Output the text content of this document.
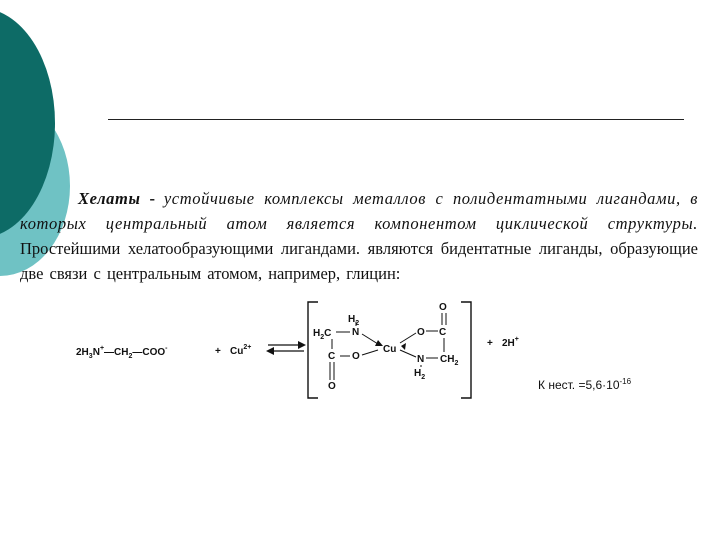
Хелаты - устойчивые комплексы металлов с полидентатными лигандами, в которых центральный атом является компонентом циклической структуры. Простейшими хелатообразующими лигандами. являются бидентатные лиганды, образующие две связи с центральным атомом, например, глицин:

$2H_3N^+—CH_2—COO^-$	+ $Cu^{2+}$
$H_2C$ N
$H_2$
C O
O
Cu
O C
O
N
$H_2$
$CH_2$
+ 2H+
К нест. $=5,6\cdot 10^{-16}$
